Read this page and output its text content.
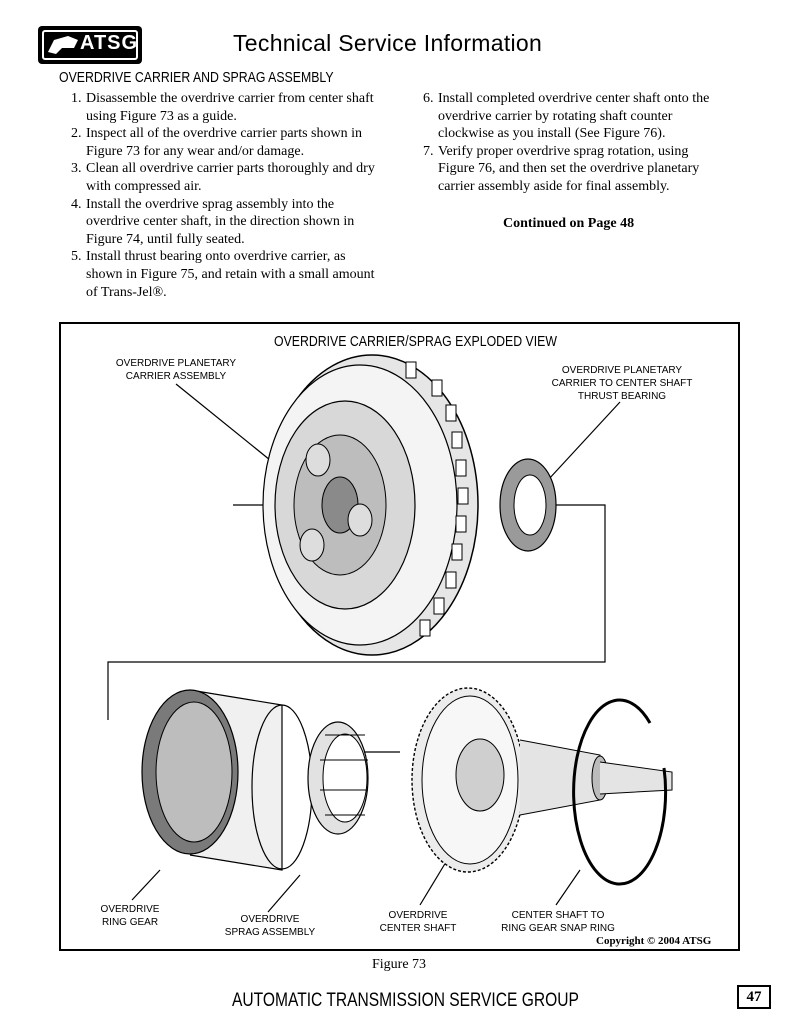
ATSG	Technical Service Information
OVERDRIVE CARRIER AND SPRAG ASSEMBLY
1. Disassemble the overdrive carrier from center shaft using Figure 73 as a guide.
2. Inspect all of the overdrive carrier parts shown in Figure 73 for any wear and/or damage.
3. Clean all overdrive carrier parts thoroughly and dry with compressed air.
4. Install the overdrive sprag assembly into the overdrive center shaft, in the direction shown in Figure 74, until fully seated.
5. Install thrust bearing onto overdrive carrier, as shown in Figure 75, and retain with a small amount of Trans-Jel®.
6. Install completed overdrive center shaft onto the overdrive carrier by rotating shaft counter clockwise as you install (See Figure 76).
7. Verify proper overdrive sprag rotation, using Figure 76, and then set the overdrive planetary carrier assembly aside for final assembly.
Continued on Page 48
OVERDRIVE CARRIER/SPRAG EXPLODED VIEW
OVERDRIVE PLANETARY
CARRIER ASSEMBLY
OVERDRIVE PLANETARY
CARRIER TO CENTER SHAFT
THRUST BEARING
OVERDRIVE
RING GEAR	OVERDRIVE
SPRAG ASSEMBLY
OVERDRIVE
CENTER SHAFT
CENTER SHAFT TO
RING GEAR SNAP RING
Copyright © 2004 ATSG
Figure 73
AUTOMATIC TRANSMISSION SERVICE GROUP	47
